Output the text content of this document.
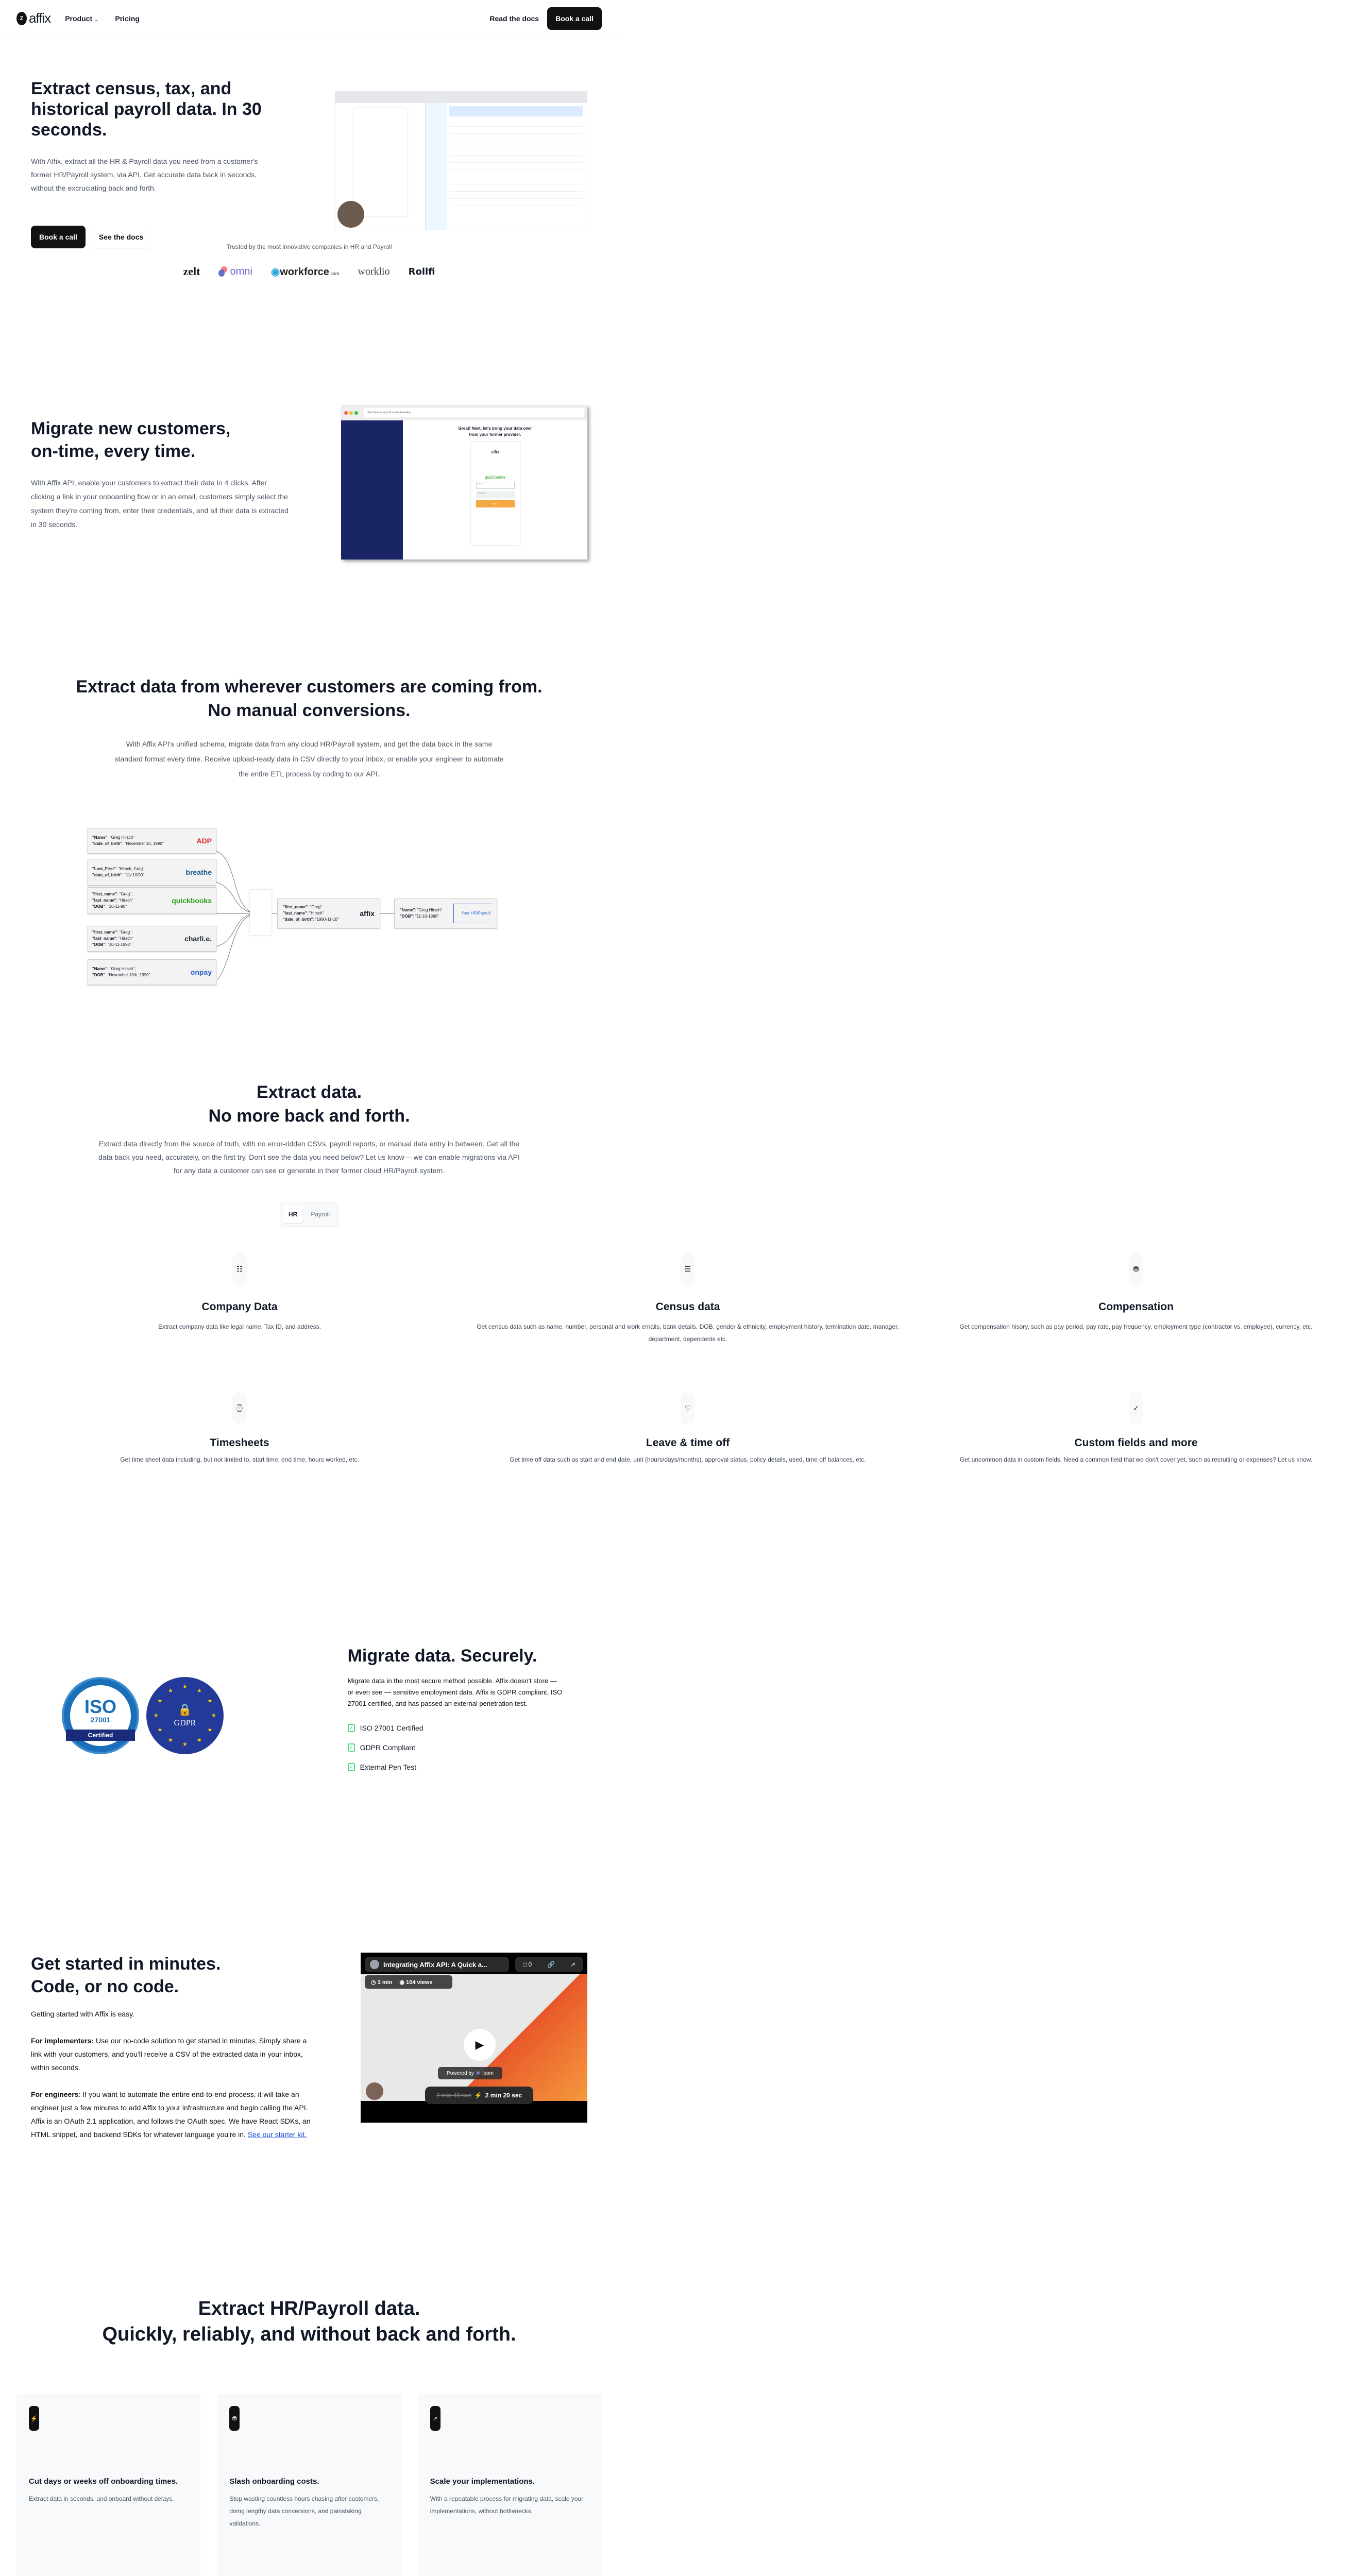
Z affix Product ⌄ Pricing	Read the docs	Book a call
Extract census, tax, and historical payroll data. In 30 seconds.

With Affix, extract all the HR & Payroll data you need from a customer's former HR/Payroll system, via API. Get accurate data back in seconds, without the excruciating back and forth.

Book a call	See the docs
⤢
Trusted by the most innovative companies in HR and Payroll
zelt	omni ◉workforce.com worklio Rollfi
Migrate new customers, on-time, every time.

With Affix API, enable your customers to extract their data in 4 clicks. After clicking a link in your onboarding flow or in an email, customers simply select the system they're coming from, enter their credentials, and all their data is extracted in 30 seconds.

https://your-hr-payroll.com/onboarding
Great! Next, let's bring your data over from your former provider.
affix
quickbooks
Email
Password
Sign in
Extract data from wherever customers are coming from.
No manual conversions.

With Affix API's unified schema, migrate data from any cloud HR/Payroll system, and get the data back in the same standard format every time. Receive upload-ready data in CSV directly to your inbox, or enable your engineer to automate the entire ETL process by coding to our API.

"Name": "Greg Hirsch"
"date_of_birth": "November 10, 1990"	ADP
"Last_First": "Hirsch, Greg"
"date_of_birth": "11/ 10/90"	breathe
"first_name": "Greg",
"last_name": "Hirsch"
"DOB": "10-11-90"
quickbooks
"first_name": "Greg",
"last_name": "Hirsch"
"DOB": "10-11-1990"
charli.e.
"Name": "Greg Hirsch",
"DOB": "November 10th, 1990"	onpay
"first_name": "Greg"
"last_name": "Hirsch"
"date_of_birth": "1990-11-10"
affix	"Name": "Greg Hirsch"
"DOB": "11-10-1990"
Your HR/Payroll
Extract data.
No more back and forth.

Extract data directly from the source of truth, with no error-ridden CSVs, payroll reports, or manual data entry in between. Get all the data back you need, accurately, on the first try. Don't see the data you need below? Let us know— we can enable migrations via API for any data a customer can see or generate in their former cloud HR/Payroll system.

HR	Payroll
☷
Company Data

Extract company data like legal name, Tax ID, and address.

☰
Census data

Get census data such as name, number, personal and work emails, bank details, DOB, gender & ethnicity, employment history, termination date, manager, department, dependents etc.

⛃
Compensation

Get compensation hisory, such as pay period, pay rate, pay frequency, employment type (contractor vs. employee), currency, etc.

⌚
Timesheets

Get time sheet data including, but not limited to, start time, end time, hours worked, etc.

♡
Leave & time off

Get time off data such as start and end date, unit (hours/days/months), approval status, policy details, used, time off balances, etc.

✓
Custom fields and more

Get uncommon data in custom fields. Need a common field that we don't cover yet, such as recruiting or expenses? Let us know.

ISO
27001
Certified
🔒
GDPR
★
★
★
★
★
★
★
★
★
★
★
★
Migrate data. Securely.

Migrate data in the most secure method possible. Affix doesn't store — or even see — sensitive employment data. Affix is GDPR compliant, ISO 27001 certified, and has passed an external penetration test.

✓ ISO 27001 Certified
✓ GDPR Compliant
✓ External Pen Test
Get started in minutes.
Code, or no code.

Getting started with Affix is easy.

For implementers: Use our no-code solution to get started in minutes. Simply share a link with your customers, and you'll receive a CSV of the extracted data in your inbox, within seconds.

For engineers: If you want to automate the entire end-to-end process, it will take an engineer just a few minutes to add Affix to your infrastructure and begin calling the API. Affix is an OAuth 2.1 application, and follows the OAuth spec. We have React SDKs, an HTML snippet, and backend SDKs for whatever language you're in. See our starter kit.

Integrating Affix API: A Quick a...	□ 0 🔗 ↗
◷ 3 min ◉ 104 views
▶
Powered by ✺ loom
2 min 48 sec ⚡ 2 min 20 sec
Extract HR/Payroll data.
Quickly, reliably, and without back and forth.
⚡
Cut days or weeks off onboarding times.

Extract data in seconds, and onboard without delays.

⛃
Slash onboarding costs.

Stop wasting countless hours chasing after customers, doing lengthy data conversions, and painstaking validations.

↗
Scale your implementations.

With a repeatable process for migrating data, scale your implementations, without bottlenecks.
